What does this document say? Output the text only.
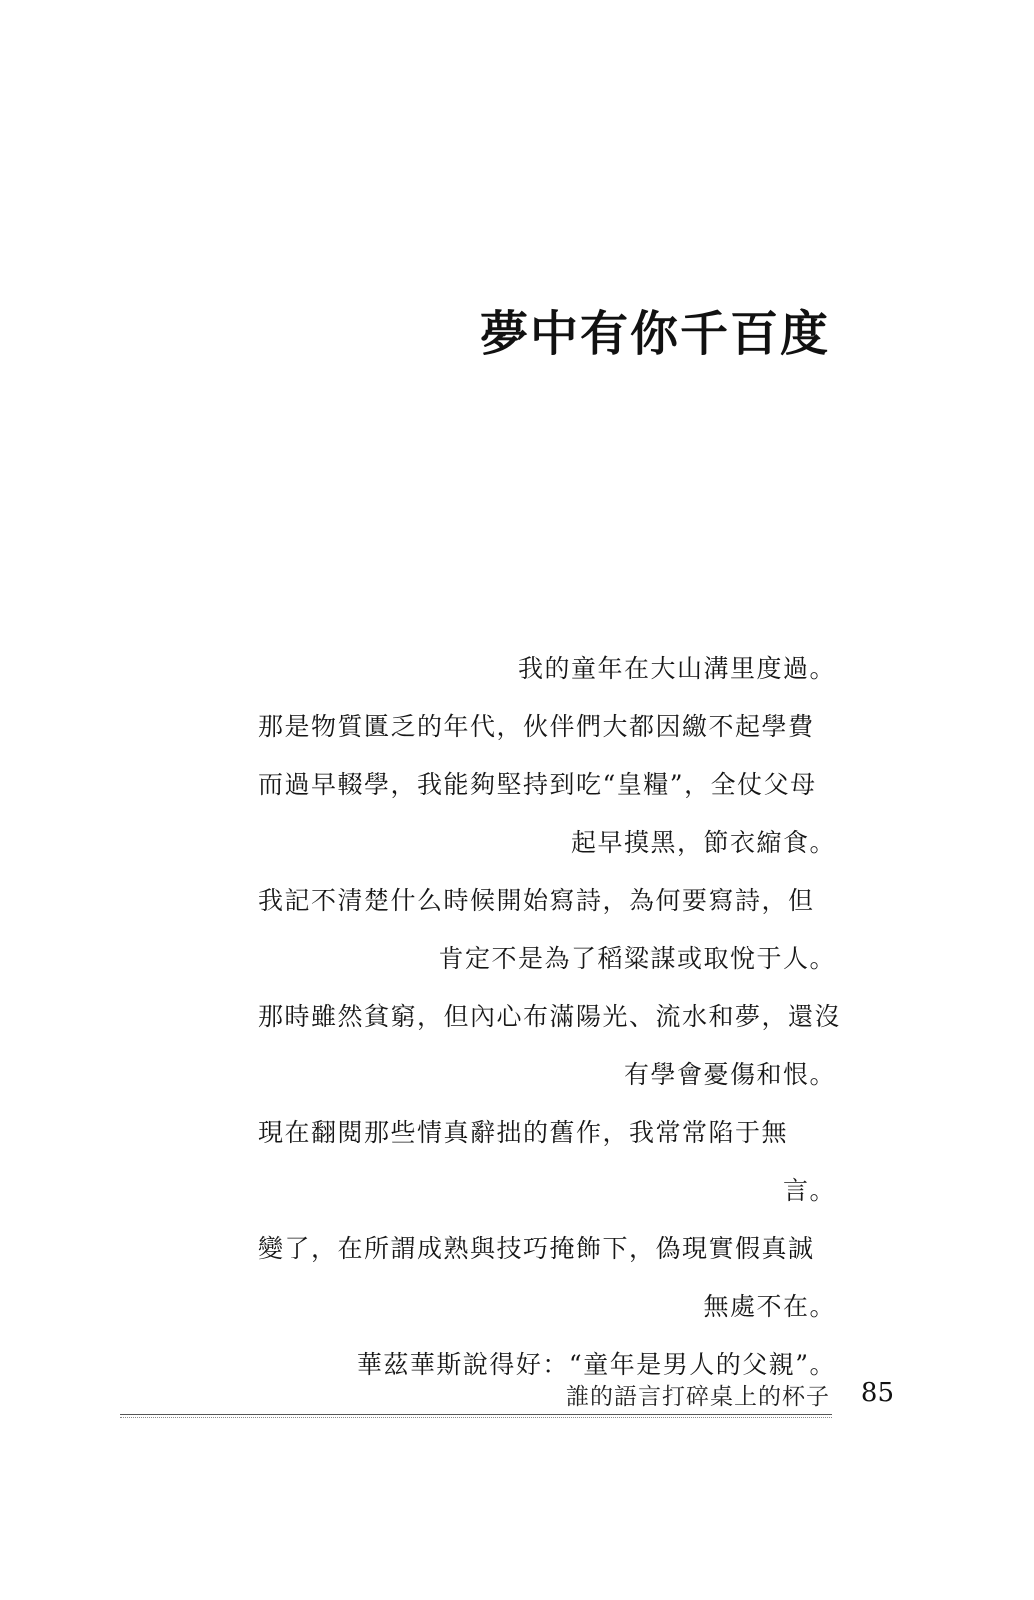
夢中有你千百度
我的童年在大山溝里度過。
那是物質匱乏的年代，伙伴們大都因繳不起學費
而過早輟學，我能夠堅持到吃“皇糧”，全仗父母
起早摸黑，節衣縮食。
我記不清楚什么時候開始寫詩，為何要寫詩，但
肯定不是為了稻粱謀或取悅于人。
那時雖然貧窮，但內心布滿陽光、流水和夢，還沒
有學會憂傷和恨。
現在翻閱那些情真辭拙的舊作，我常常陷于無
言。
變了，在所謂成熟與技巧掩飾下，偽現實假真誠
無處不在。
華茲華斯說得好：“童年是男人的父親”。
誰的語言打碎桌上的杯子 85
